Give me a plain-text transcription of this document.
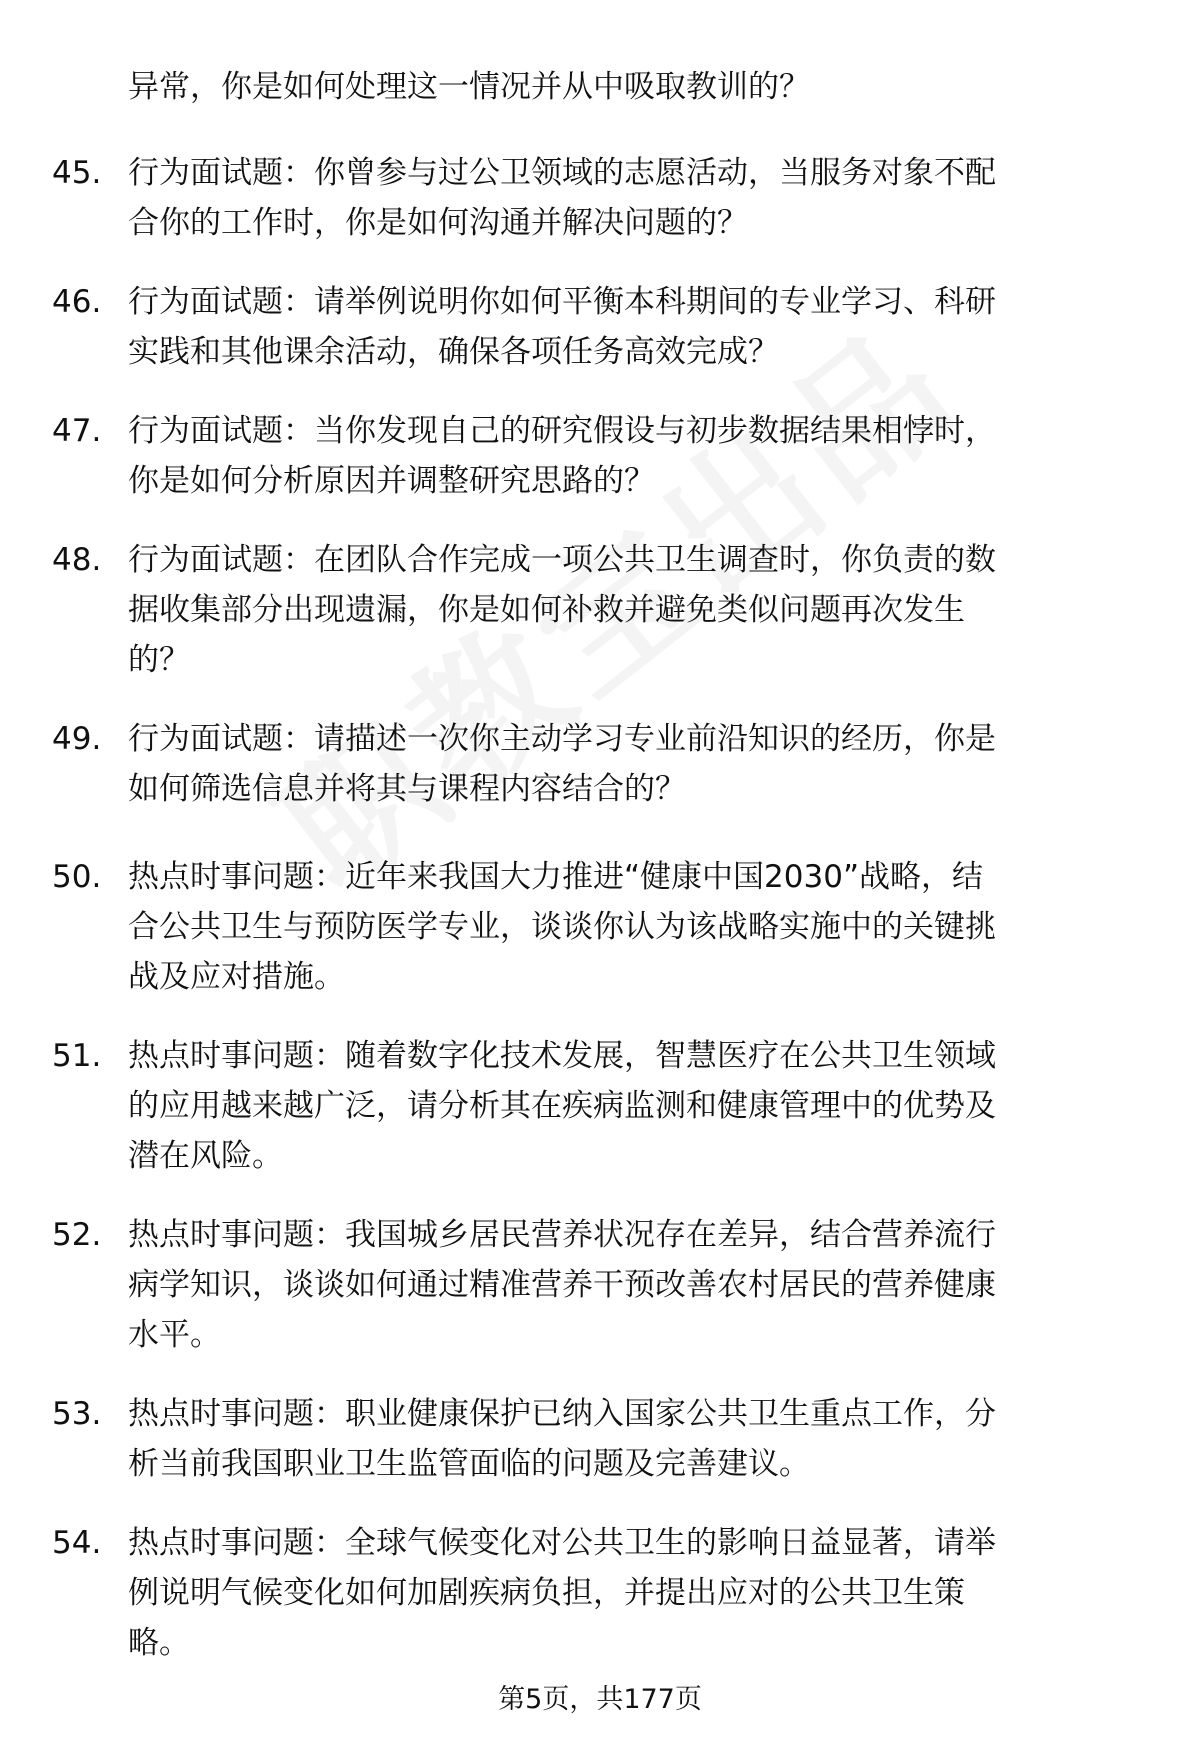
异常，你是如何处理这一情况并从中吸取教训的？
45. 行为面试题：你曾参与过公卫领域的志愿活动，当服务对象不配
合你的工作时，你是如何沟通并解决问题的？
46. 行为面试题：请举例说明你如何平衡本科期间的专业学习、科研
实践和其他课余活动，确保各项任务高效完成？
47. 行为面试题：当你发现自己的研究假设与初步数据结果相悖时，
你是如何分析原因并调整研究思路的？
48. 行为面试题：在团队合作完成一项公共卫生调查时，你负责的数
据收集部分出现遗漏，你是如何补救并避免类似问题再次发生
的？
49. 行为面试题：请描述一次你主动学习专业前沿知识的经历，你是
如何筛选信息并将其与课程内容结合的？
50. 热点时事问题：近年来我国大力推进“健康中国2030”战略，结
合公共卫生与预防医学专业，谈谈你认为该战略实施中的关键挑
战及应对措施。
51. 热点时事问题：随着数字化技术发展，智慧医疗在公共卫生领域
的应用越来越广泛，请分析其在疾病监测和健康管理中的优势及
潜在风险。
52. 热点时事问题：我国城乡居民营养状况存在差异，结合营养流行
病学知识，谈谈如何通过精准营养干预改善农村居民的营养健康
水平。
53. 热点时事问题：职业健康保护已纳入国家公共卫生重点工作，分
析当前我国职业卫生监管面临的问题及完善建议。
54. 热点时事问题：全球气候变化对公共卫生的影响日益显著，请举
例说明气候变化如何加剧疾病负担，并提出应对的公共卫生策
略。
第5页，共177页
